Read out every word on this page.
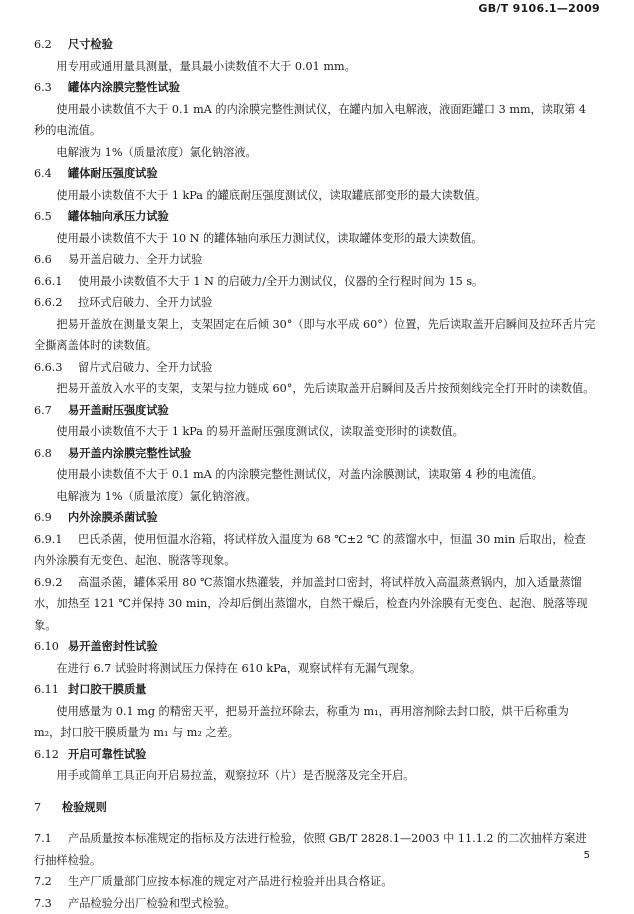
GB/T 9106.1—2009

6.2 尺寸检验

用专用或通用量具测量，量具最小读数值不大于 0.01 mm。

6.3 罐体内涂膜完整性试验

使用最小读数值不大于 0.1 mA 的内涂膜完整性测试仪，在罐内加入电解液，液面距罐口 3 mm，读取第 4 秒的电流值。

电解液为 1%（质量浓度）氯化钠溶液。

6.4 罐体耐压强度试验

使用最小读数值不大于 1 kPa 的罐底耐压强度测试仪，读取罐底部变形的最大读数值。

6.5 罐体轴向承压力试验

使用最小读数值不大于 10 N 的罐体轴向承压力测试仪，读取罐体变形的最大读数值。

6.6 易开盖启破力、全开力试验

6.6.1 使用最小读数值不大于 1 N 的启破力/全开力测试仪，仪器的全行程时间为 15 s。

6.6.2 拉环式启破力、全开力试验

把易开盖放在测量支架上，支架固定在后倾 30°（即与水平成 60°）位置，先后读取盖开启瞬间及拉环舌片完全撕离盖体时的读数值。

6.6.3 留片式启破力、全开力试验

把易开盖放入水平的支架，支架与拉力链成 60°，先后读取盖开启瞬间及舌片按预刻线完全打开时的读数值。

6.7 易开盖耐压强度试验

使用最小读数值不大于 1 kPa 的易开盖耐压强度测试仪，读取盖变形时的读数值。

6.8 易开盖内涂膜完整性试验

使用最小读数值不大于 0.1 mA 的内涂膜完整性测试仪，对盖内涂膜测试，读取第 4 秒的电流值。

电解液为 1%（质量浓度）氯化钠溶液。

6.9 内外涂膜杀菌试验

6.9.1 巴氏杀菌，使用恒温水浴箱，将试样放入温度为 68 ℃±2 ℃ 的蒸馏水中，恒温 30 min 后取出，检查内外涂膜有无变色、起泡、脱落等现象。

6.9.2 高温杀菌，罐体采用 80 ℃蒸馏水热灌装，并加盖封口密封，将试样放入高温蒸煮锅内，加入适量蒸馏水，加热至 121 ℃并保持 30 min，冷却后倒出蒸馏水，自然干燥后，检查内外涂膜有无变色、起泡、脱落等现象。

6.10 易开盖密封性试验

在进行 6.7 试验时将测试压力保持在 610 kPa，观察试样有无漏气现象。

6.11 封口胶干膜质量

使用感量为 0.1 mg 的精密天平，把易开盖拉环除去，称重为 m₁，再用溶剂除去封口胶，烘干后称重为 m₂，封口胶干膜质量为 m₁ 与 m₂ 之差。

6.12 开启可靠性试验

用手或简单工具正向开启易拉盖，观察拉环（片）是否脱落及完全开启。

7 检验规则

7.1 产品质量按本标准规定的指标及方法进行检验，依照 GB/T 2828.1—2003 中 11.1.2 的二次抽样方案进行抽样检验。

7.2 生产厂质量部门应按本标准的规定对产品进行检验并出具合格证。

7.3 产品检验分出厂检验和型式检验。

5
